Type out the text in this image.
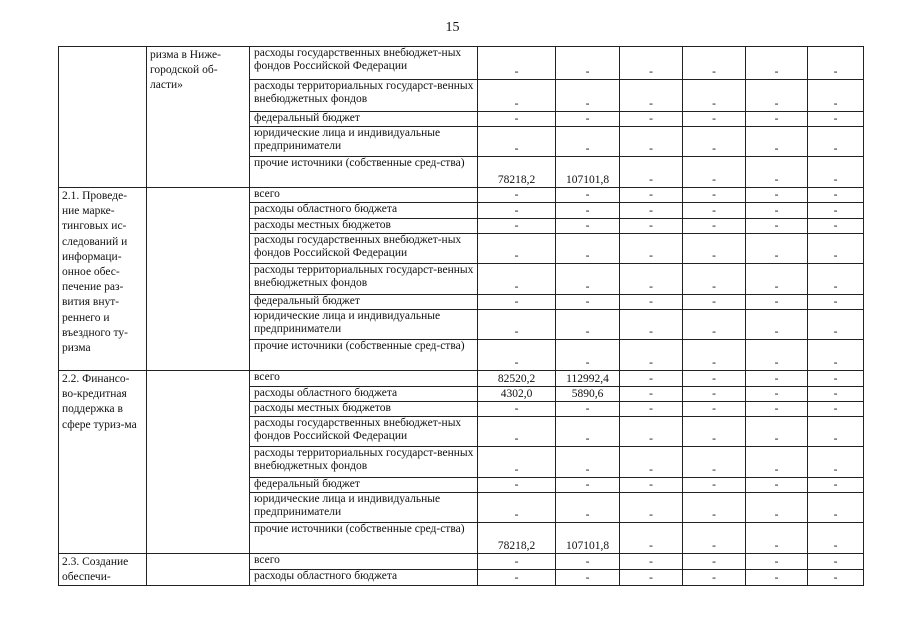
15
	ризма в Ниже-городской об-ласти»	расходы государственных внебюджет-ных фондов Российской Федерации	-	-	-	-	-	-
		расходы территориальных государст-венных внебюджетных фондов	-	-	-	-	-	-
		федеральный бюджет	-	-	-	-	-	-
		юридические лица и индивидуальные предприниматели	-	-	-	-	-	-
		прочие источники (собственные сред-ства)	78218,2	107101,8	-	-	-	-
2.1. Проведе-ние марке-тинговых ис-следований и информаци-онное обес-печение раз-вития внут-реннего и въездного ту-ризма		всего	-	-	-	-	-	-
		расходы областного бюджета	-	-	-	-	-	-
		расходы местных бюджетов	-	-	-	-	-	-
		расходы государственных внебюджет-ных фондов Российской Федерации	-	-	-	-	-	-
		расходы территориальных государст-венных внебюджетных фондов	-	-	-	-	-	-
		федеральный бюджет	-	-	-	-	-	-
		юридические лица и индивидуальные предприниматели	-	-	-	-	-	-
		прочие источники (собственные сред-ства)	-	-	-	-	-	-
2.2. Финансо-во-кредитная поддержка в сфере туриз-ма		всего	82520,2	112992,4	-	-	-	-
		расходы областного бюджета	4302,0	5890,6	-	-	-	-
		расходы местных бюджетов	-	-	-	-	-	-
		расходы государственных внебюджет-ных фондов Российской Федерации	-	-	-	-	-	-
		расходы территориальных государст-венных внебюджетных фондов	-	-	-	-	-	-
		федеральный бюджет	-	-	-	-	-	-
		юридические лица и индивидуальные предприниматели	-	-	-	-	-	-
		прочие источники (собственные сред-ства)	78218,2	107101,8	-	-	-	-
2.3. Создание обеспечи-		всего	-	-	-	-	-	-
		расходы областного бюджета	-	-	-	-	-	-
